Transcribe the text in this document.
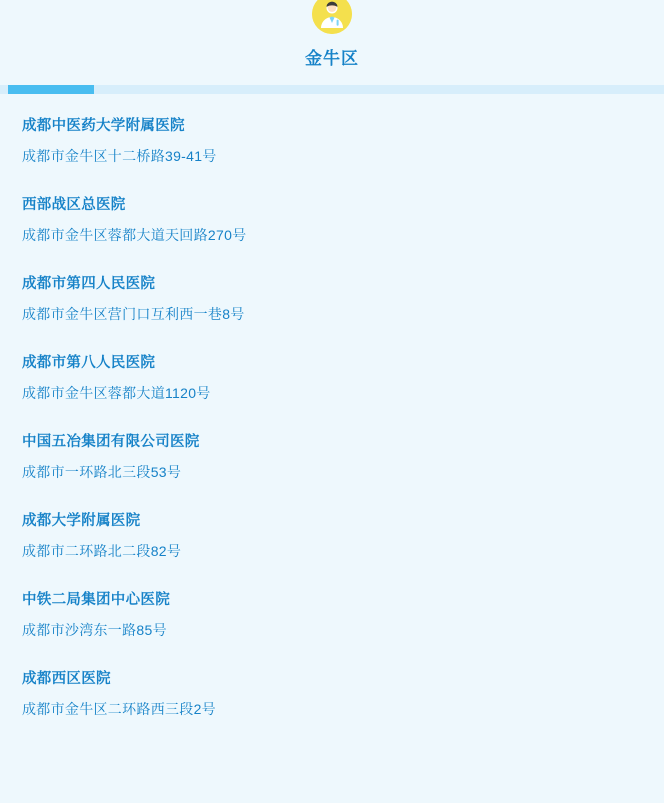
金牛区
成都中医药大学附属医院
成都市金牛区十二桥路39-41号
西部战区总医院
成都市金牛区蓉都大道天回路270号
成都市第四人民医院
成都市金牛区营门口互利西一巷8号
成都市第八人民医院
成都市金牛区蓉都大道1120号
中国五冶集团有限公司医院
成都市一环路北三段53号
成都大学附属医院
成都市二环路北二段82号
中铁二局集团中心医院
成都市沙湾东一路85号
成都西区医院
成都市金牛区二环路西三段2号
